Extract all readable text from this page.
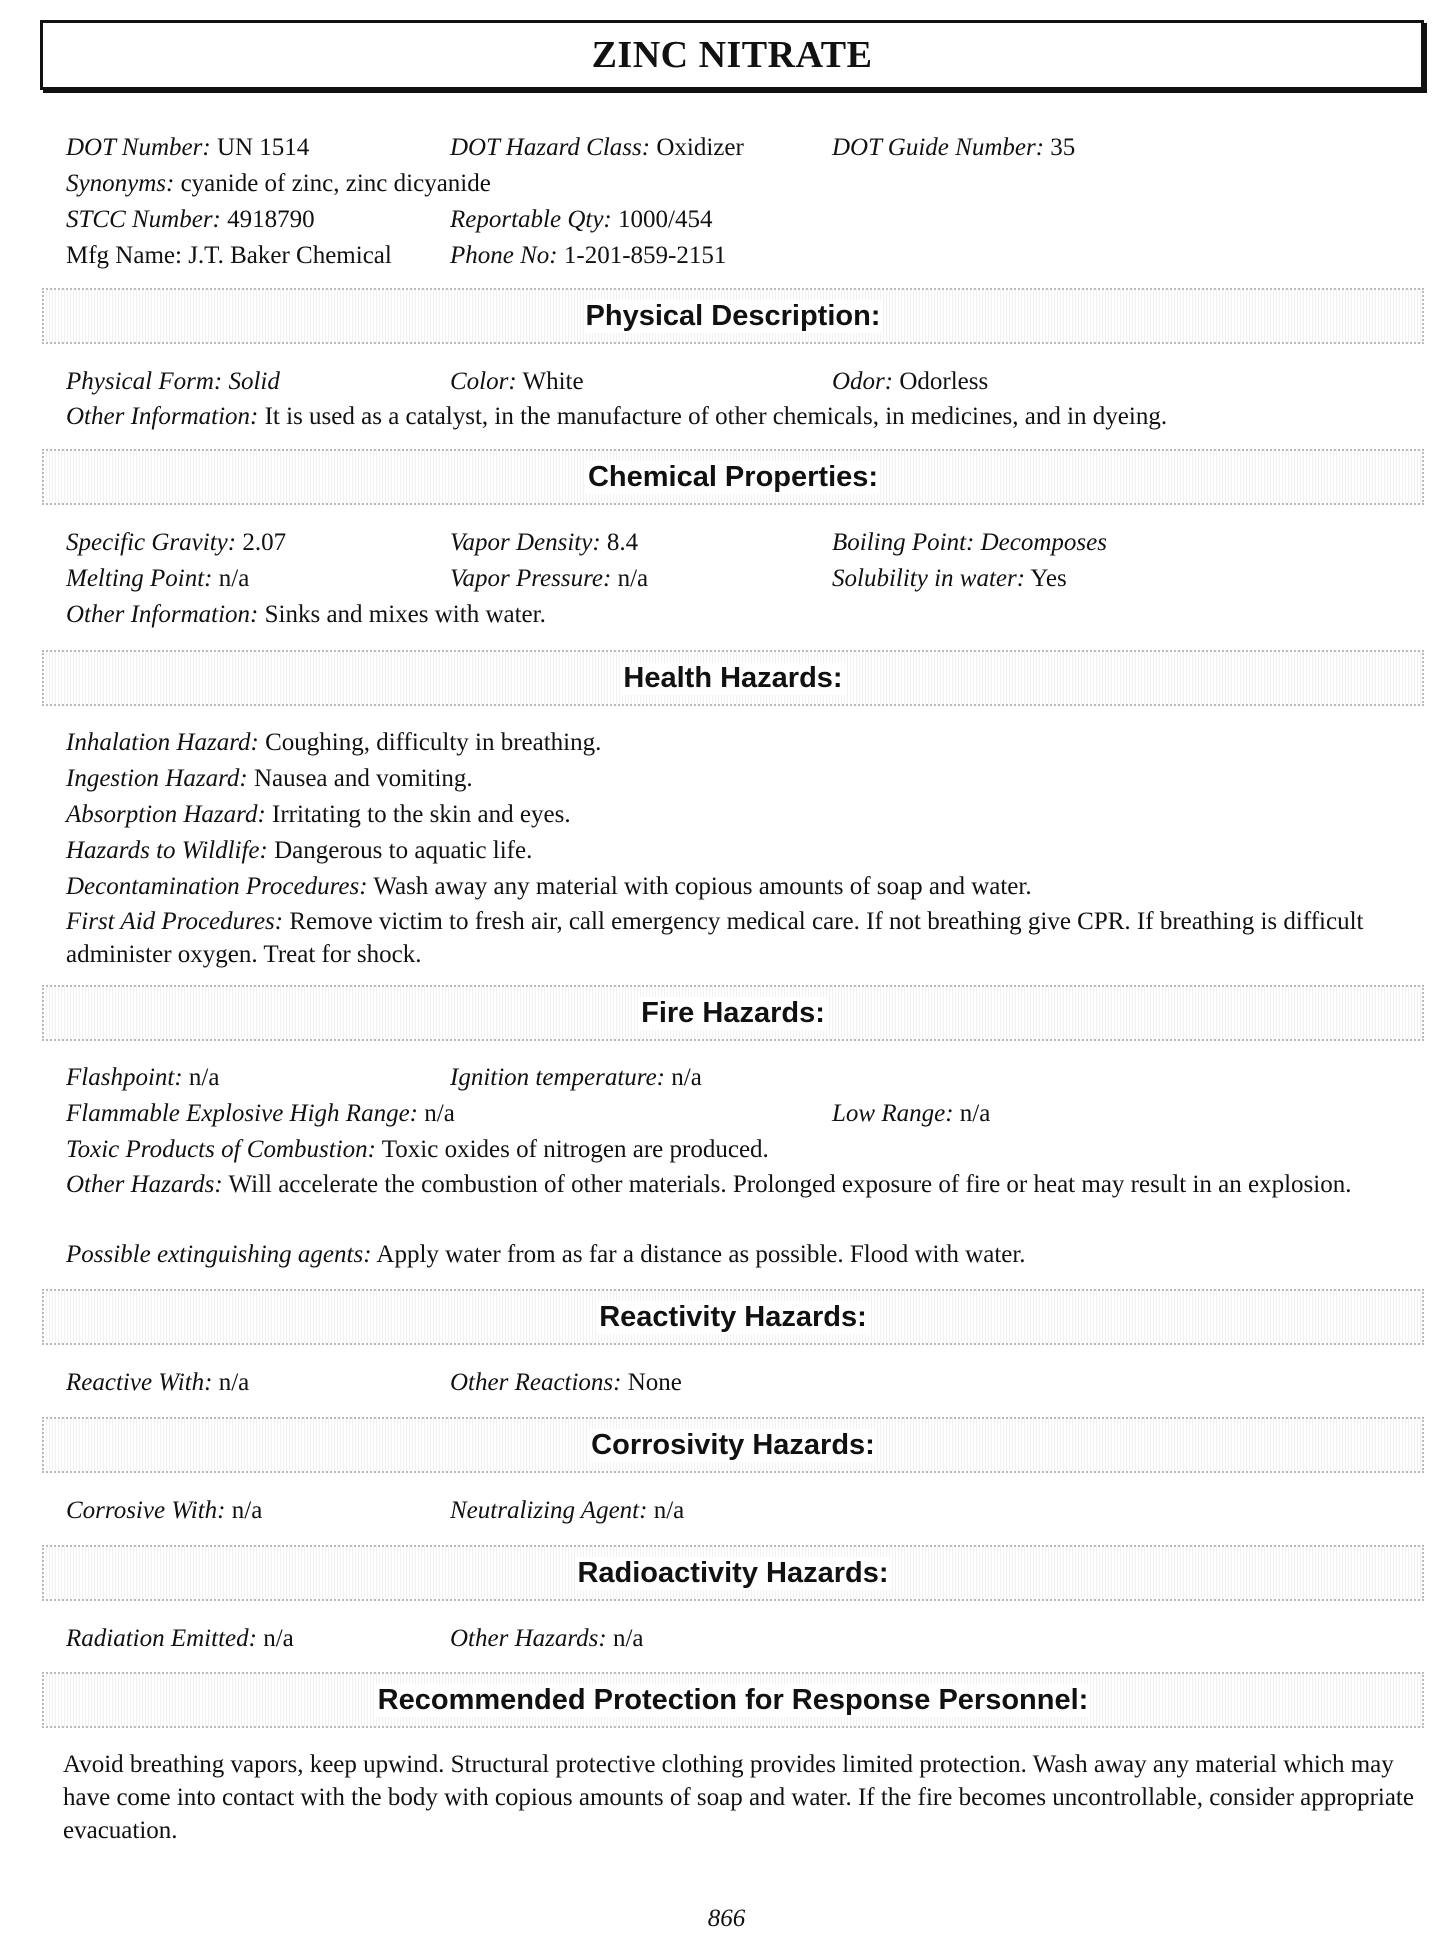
ZINC NITRATE
DOT Number: UN 1514	DOT Hazard Class: Oxidizer	DOT Guide Number: 35
Synonyms: cyanide of zinc, zinc dicyanide
STCC Number: 4918790	Reportable Qty: 1000/454
Mfg Name: J.T. Baker Chemical Phone No: 1-201-859-2151
Physical Description:
Physical Form: Solid	Color: White	Odor: Odorless
Other Information: It is used as a catalyst, in the manufacture of other chemicals, in medicines, and in dyeing.
Chemical Properties:
Specific Gravity: 2.07	Vapor Density: 8.4	Boiling Point: Decomposes
Melting Point: n/a	Vapor Pressure: n/a	Solubility in water: Yes
Other Information: Sinks and mixes with water.
Health Hazards:
Inhalation Hazard: Coughing, difficulty in breathing.
Ingestion Hazard: Nausea and vomiting.
Absorption Hazard: Irritating to the skin and eyes.
Hazards to Wildlife: Dangerous to aquatic life.
Decontamination Procedures: Wash away any material with copious amounts of soap and water.
First Aid Procedures: Remove victim to fresh air, call emergency medical care. If not breathing give CPR. If breathing is difficult administer oxygen. Treat for shock.
Fire Hazards:
Flashpoint: n/a	Ignition temperature: n/a
Flammable Explosive High Range: n/a	Low Range: n/a
Toxic Products of Combustion: Toxic oxides of nitrogen are produced.
Other Hazards: Will accelerate the combustion of other materials. Prolonged exposure of fire or heat may result in an explosion.
Possible extinguishing agents: Apply water from as far a distance as possible. Flood with water.
Reactivity Hazards:
Reactive With: n/a	Other Reactions: None
Corrosivity Hazards:
Corrosive With: n/a	Neutralizing Agent: n/a
Radioactivity Hazards:
Radiation Emitted: n/a	Other Hazards: n/a
Recommended Protection for Response Personnel:
Avoid breathing vapors, keep upwind. Structural protective clothing provides limited protection. Wash away any material which may have come into contact with the body with copious amounts of soap and water. If the fire becomes uncontrollable, consider appropriate evacuation.
866
